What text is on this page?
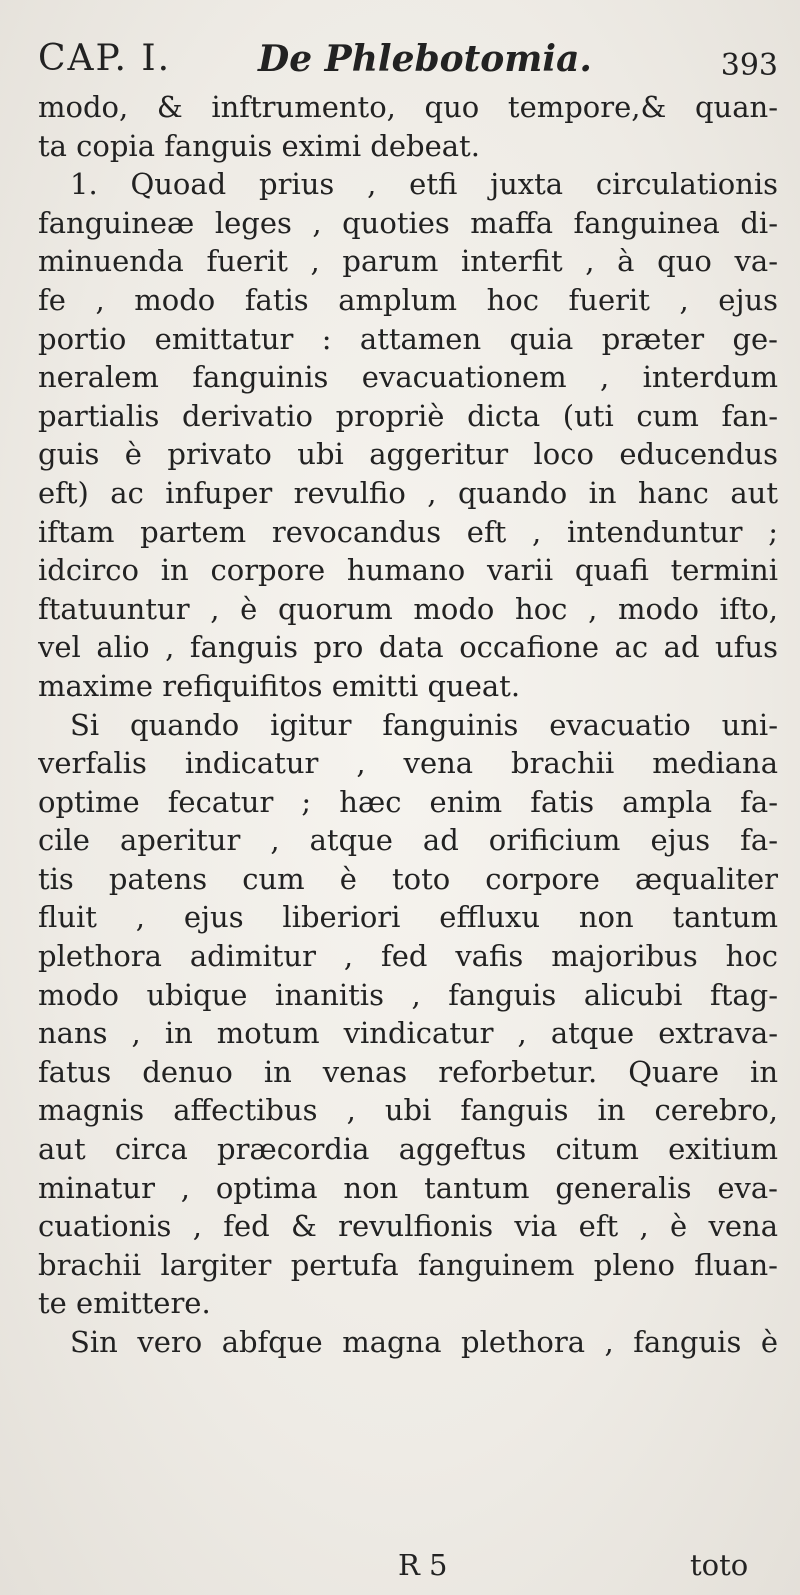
CAP. I. De Phlebotomia.	393
modo, & inftrumento, quo tempore,& quan-
ta copia fanguis eximi debeat.
1. Quoad prius , etfi juxta circulationis
fanguineæ leges , quoties maffa fanguinea di-
minuenda fuerit , parum interfit , à quo va-
fe , modo fatis amplum hoc fuerit , ejus
portio emittatur : attamen quia præter ge-
neralem fanguinis evacuationem , interdum
partialis derivatio propriè dicta (uti cum fan-
guis è privato ubi aggeritur loco educendus
eft) ac infuper revulfio , quando in hanc aut
iftam partem revocandus eft , intenduntur ;
idcirco in corpore humano varii quafi termini
ftatuuntur , è quorum modo hoc , modo ifto,
vel alio , fanguis pro data occafione ac ad ufus
maxime refiquifitos emitti queat.
Si quando igitur fanguinis evacuatio uni-
verfalis indicatur , vena brachii mediana
optime fecatur ; hæc enim fatis ampla fa-
cile aperitur , atque ad orificium ejus fa-
tis patens cum è toto corpore æqualiter
fluit , ejus liberiori effluxu non tantum
plethora adimitur , fed vafis majoribus hoc
modo ubique inanitis , fanguis alicubi ftag-
nans , in motum vindicatur , atque extrava-
fatus denuo in venas reforbetur. Quare in
magnis affectibus , ubi fanguis in cerebro,
aut circa præcordia aggeftus citum exitium
minatur , optima non tantum generalis eva-
cuationis , fed & revulfionis via eft , è vena
brachii largiter pertufa fanguinem pleno fluan-
te emittere.
Sin vero abfque magna plethora , fanguis è
R 5	toto
